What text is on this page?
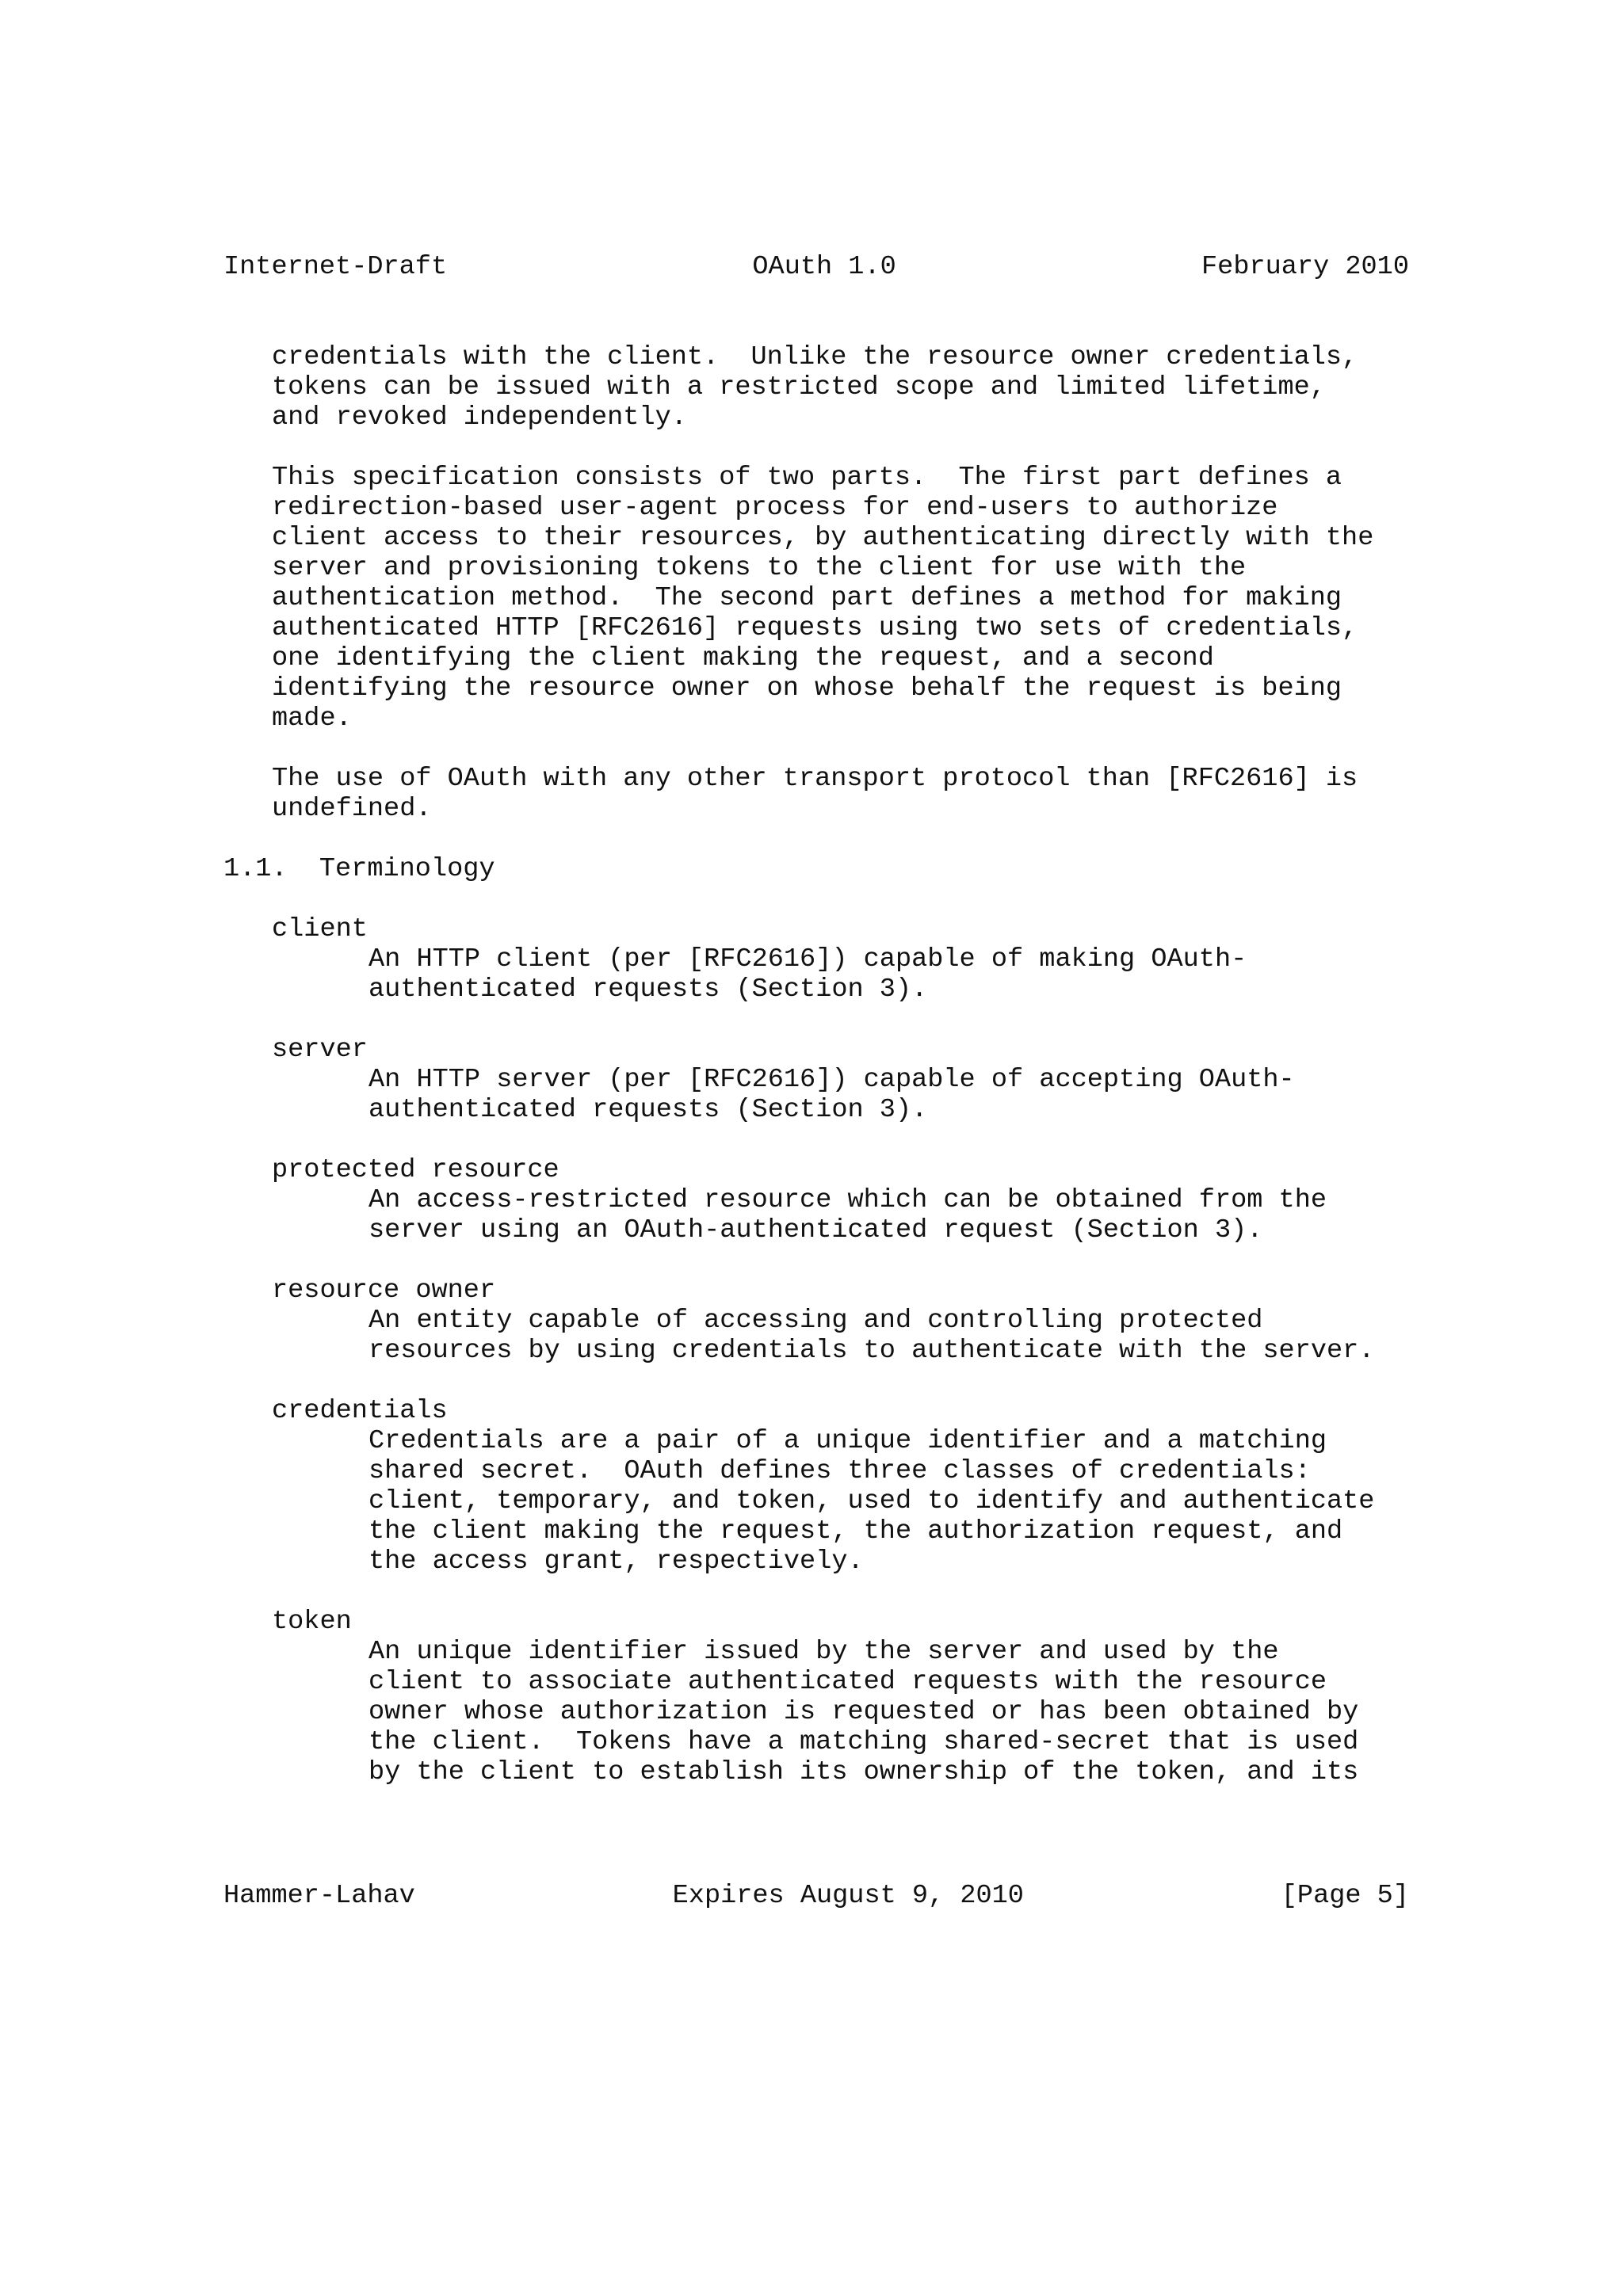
Internet-Draft	OAuth 1.0	February 2010
credentials with the client.  Unlike the resource owner credentials,
tokens can be issued with a restricted scope and limited lifetime,
and revoked independently.
This specification consists of two parts.  The first part defines a
redirection-based user-agent process for end-users to authorize
client access to their resources, by authenticating directly with the
server and provisioning tokens to the client for use with the
authentication method.  The second part defines a method for making
authenticated HTTP [RFC2616] requests using two sets of credentials,
one identifying the client making the request, and a second
identifying the resource owner on whose behalf the request is being
made.
The use of OAuth with any other transport protocol than [RFC2616] is
undefined.
1.1.  Terminology
client
An HTTP client (per [RFC2616]) capable of making OAuth-
authenticated requests (Section 3).
server
An HTTP server (per [RFC2616]) capable of accepting OAuth-
authenticated requests (Section 3).
protected resource
An access-restricted resource which can be obtained from the
server using an OAuth-authenticated request (Section 3).
resource owner
An entity capable of accessing and controlling protected
resources by using credentials to authenticate with the server.
credentials
Credentials are a pair of a unique identifier and a matching
shared secret.  OAuth defines three classes of credentials:
client, temporary, and token, used to identify and authenticate
the client making the request, the authorization request, and
the access grant, respectively.
token
An unique identifier issued by the server and used by the
client to associate authenticated requests with the resource
owner whose authorization is requested or has been obtained by
the client.  Tokens have a matching shared-secret that is used
by the client to establish its ownership of the token, and its
Hammer-Lahav	Expires August 9, 2010	[Page 5]
